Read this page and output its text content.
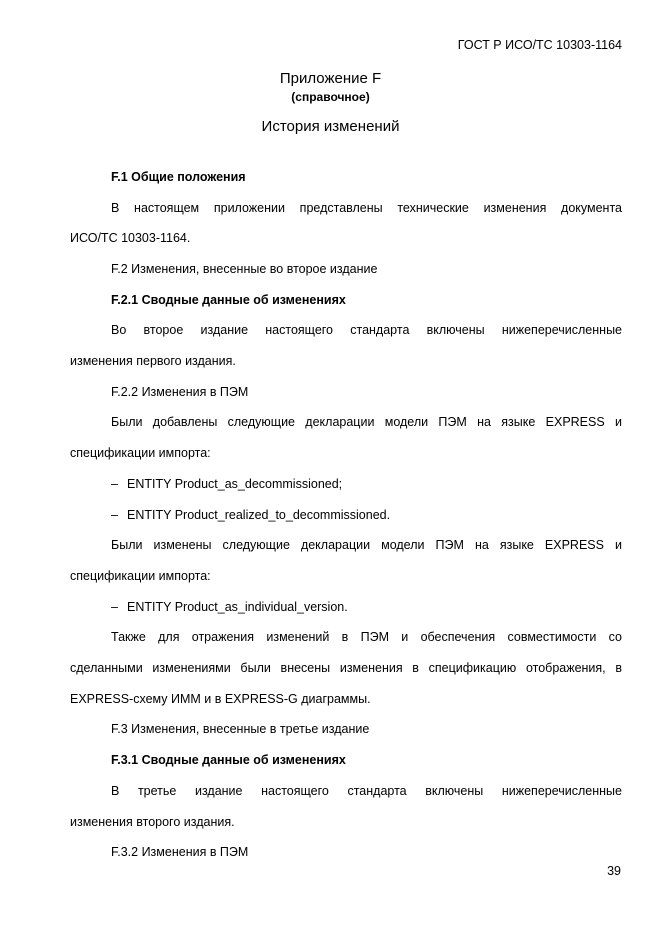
ГОСТ Р ИСО/ТС 10303-1164
Приложение F
(справочное)
История изменений
F.1 Общие положения
В настоящем приложении представлены технические изменения документа
ИСО/ТС 10303-1164.
F.2 Изменения, внесенные во второе издание
F.2.1 Сводные данные об изменениях
Во второе издание настоящего стандарта включены нижеперечисленные
изменения первого издания.
F.2.2 Изменения в ПЭМ
Были добавлены следующие декларации модели ПЭМ на языке EXPRESS и
спецификации импорта:
– ENTITY Product_as_decommissioned;
– ENTITY Product_realized_to_decommissioned.
Были изменены следующие декларации модели ПЭМ на языке EXPRESS и
спецификации импорта:
– ENTITY Product_as_individual_version.
Также для отражения изменений в ПЭМ и обеспечения совместимости со
сделанными изменениями были внесены изменения в спецификацию отображения, в
EXPRESS-схему ИММ и в EXPRESS-G диаграммы.
F.3 Изменения, внесенные в третье издание
F.3.1 Сводные данные об изменениях
В третье издание настоящего стандарта включены нижеперечисленные
изменения второго издания.
F.3.2 Изменения в ПЭМ
39
